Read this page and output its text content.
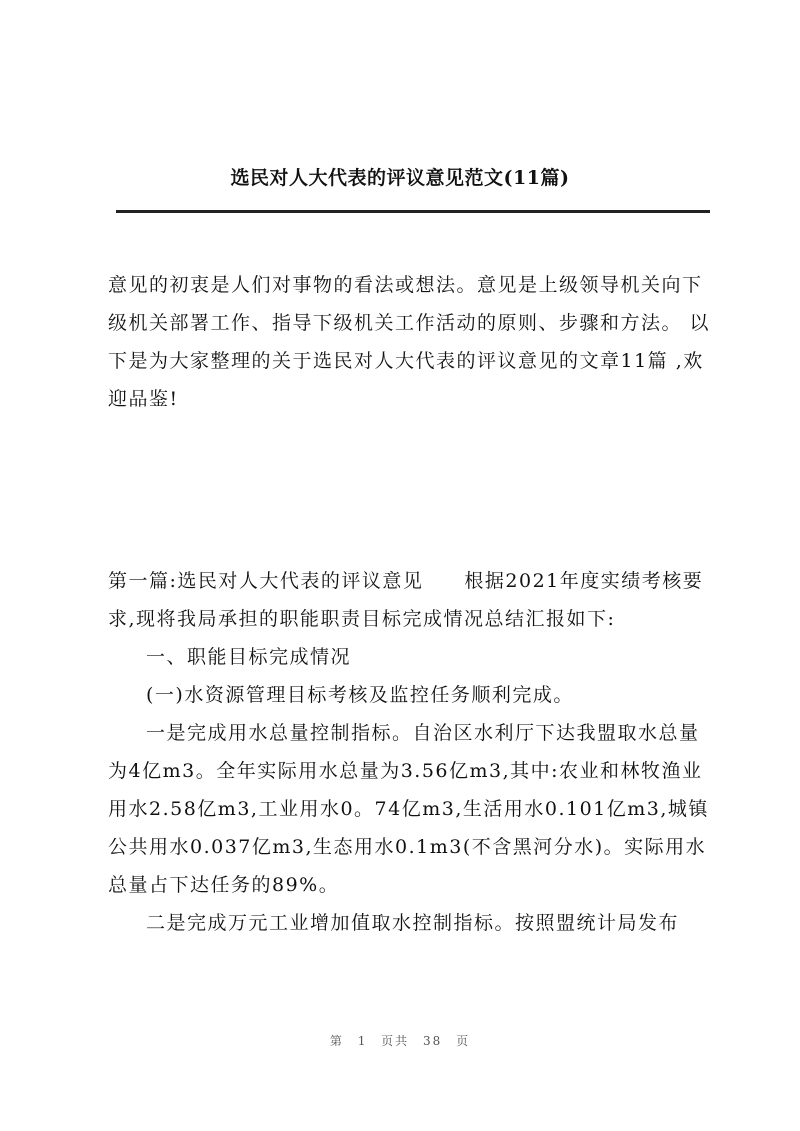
选民对人大代表的评议意见范文(11篇)

意见的初衷是人们对事物的看法或想法。意见是上级领导机关向下级机关部署工作、指导下级机关工作活动的原则、步骤和方法。 以下是为大家整理的关于选民对人大代表的评议意见的文章11篇 ,欢迎品鉴!

第一篇:选民对人大代表的评议意见　　根据2021年度实绩考核要求,现将我局承担的职能职责目标完成情况总结汇报如下:

一、职能目标完成情况

(一)水资源管理目标考核及监控任务顺利完成。

一是完成用水总量控制指标。自治区水利厅下达我盟取水总量为4亿m3。全年实际用水总量为3.56亿m3,其中:农业和林牧渔业用水2.58亿m3,工业用水0。74亿m3,生活用水0.101亿m3,城镇公共用水0.037亿m3,生态用水0.1m3(不含黑河分水)。实际用水总量占下达任务的89%。

二是完成万元工业增加值取水控制指标。按照盟统计局发布

第 1 页共 38 页
